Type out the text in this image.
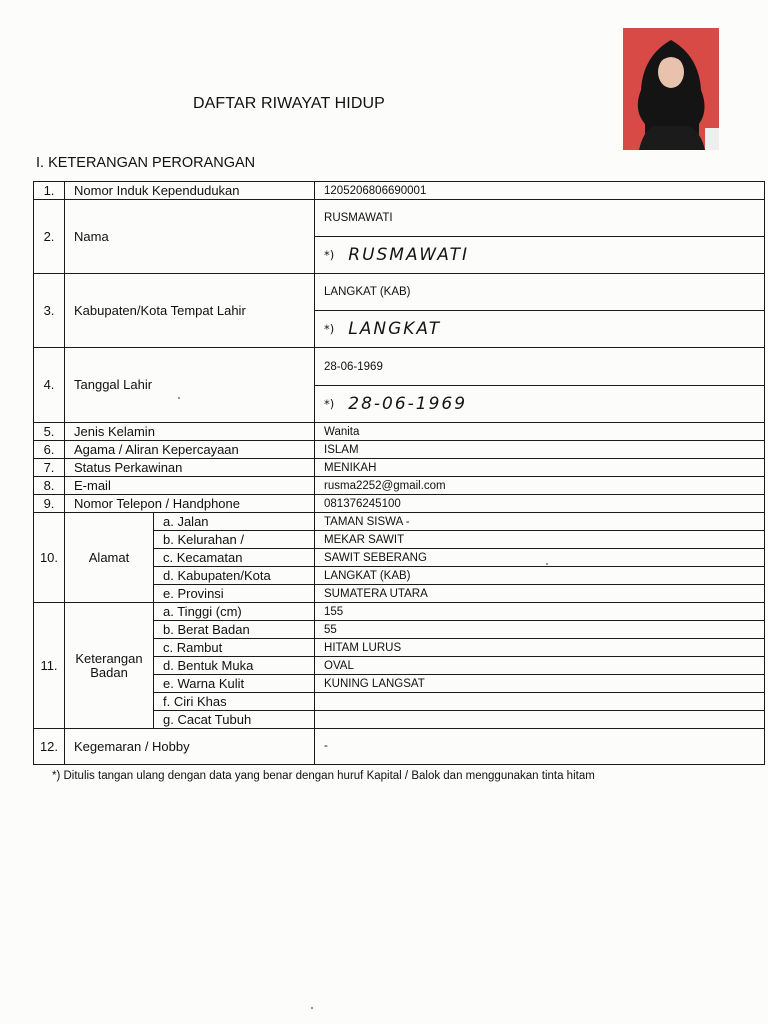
DAFTAR RIWAYAT HIDUP
I. KETERANGAN PERORANGAN
1.	Nomor Induk Kependudukan		1205206806690001
2.	Nama		RUSMAWATI
			*) RUSMAWATI
3.	Kabupaten/Kota Tempat Lahir		LANGKAT (KAB)
			*) LANGKAT
4.	Tanggal Lahir		28-06-1969
			*) 28-06-1969
5.	Jenis Kelamin		Wanita
6.	Agama / Aliran Kepercayaan		ISLAM
7.	Status Perkawinan		MENIKAH
8.	E-mail		rusma2252@gmail.com
9.	Nomor Telepon / Handphone		081376245100
10.	Alamat	a. Jalan	TAMAN SISWA -
		b. Kelurahan /	MEKAR SAWIT
		c. Kecamatan	SAWIT SEBERANG
		d. Kabupaten/Kota	LANGKAT (KAB)
		e. Provinsi	SUMATERA UTARA
11.	Keterangan Badan	a. Tinggi (cm)	155
		b. Berat Badan	55
		c. Rambut	HITAM LURUS
		d. Bentuk Muka	OVAL
		e. Warna Kulit	KUNING LANGSAT
		f. Ciri Khas	
		g. Cacat Tubuh	
12.	Kegemaran / Hobby		-
*) Ditulis tangan ulang dengan data yang benar dengan huruf Kapital / Balok dan menggunakan tinta hitam
